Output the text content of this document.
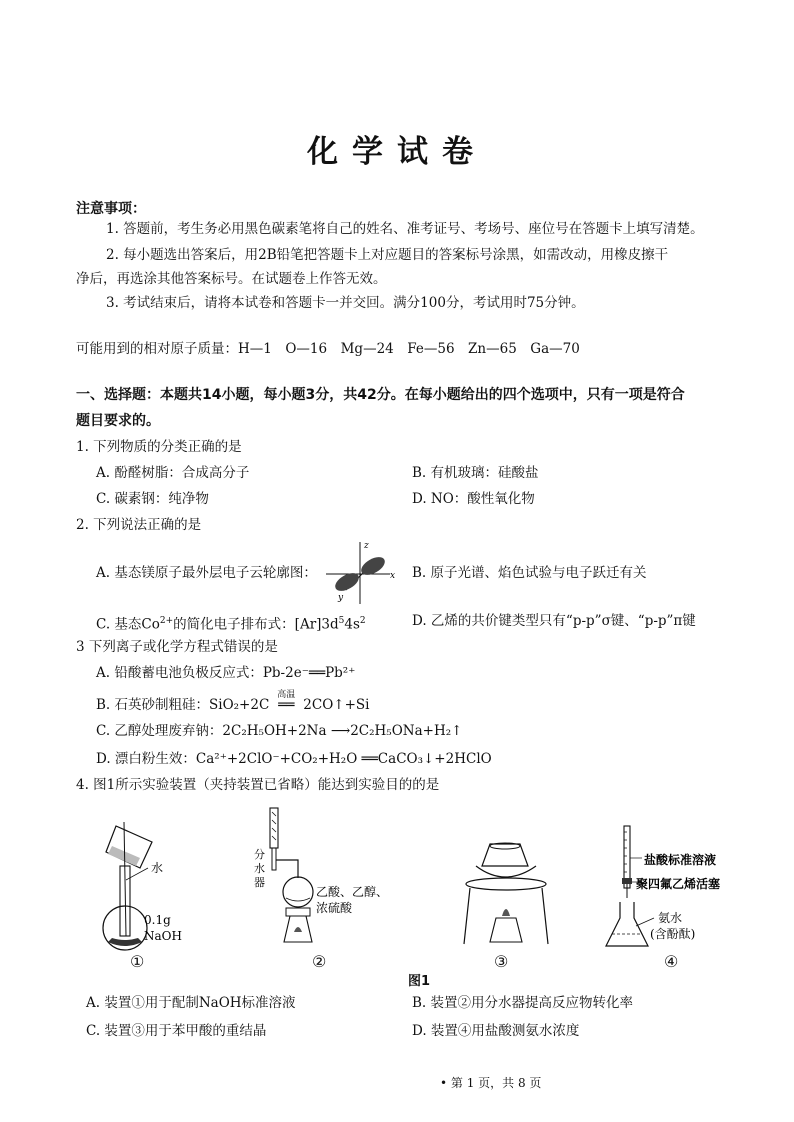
化学试卷
注意事项：
1. 答题前，考生务必用黑色碳素笔将自己的姓名、准考证号、考场号、座位号在答题卡上填写清楚。
2. 每小题选出答案后，用2B铅笔把答题卡上对应题目的答案标号涂黑，如需改动，用橡皮擦干
净后，再选涂其他答案标号。在试题卷上作答无效。
3. 考试结束后，请将本试卷和答题卡一并交回。满分100分，考试用时75分钟。
可能用到的相对原子质量：H—1　O—16　Mg—24　Fe—56　Zn—65　Ga—70
一、选择题：本题共14小题，每小题3分，共42分。在每小题给出的四个选项中，只有一项是符合
题目要求的。
1. 下列物质的分类正确的是
A. 酚醛树脂：合成高分子	B. 有机玻璃：硅酸盐
C. 碳素钢：纯净物	D. NO：酸性氧化物
2. 下列说法正确的是
A. 基态镁原子最外层电子云轮廓图：
z
x
y
B. 原子光谱、焰色试验与电子跃迁有关
C. 基态$Co^{2+}$的简化电子排布式：$[Ar]3d^54s^2$	D. 乙烯的共价键类型只有“p-p”σ键、“p-p”π键
3 下列离子或化学方程式错误的是
A. 铅酸蓄电池负极反应式：Pb-2e⁻══Pb²⁺
B. 石英砂制粗硅：SiO₂+2C
高温
══ 2CO↑+Si
C. 乙醇处理废弃钠：2C₂H₅OH+2Na ⟶2C₂H₅ONa+H₂↑
D. 漂白粉生效：Ca²⁺+2ClO⁻+CO₂+H₂O ══CaCO₃↓+2HClO
4. 图1所示实验装置（夹持装置已省略）能达到实验目的的是
水
0.1g
NaOH
分
水
器
乙酸、乙醇、
浓硫酸
盐酸标准溶液
聚四氟乙烯活塞
氨水
(含酚酞)
①	②	③	④
图1
A. 装置①用于配制NaOH标准溶液	B. 装置②用分水器提高反应物转化率
C. 装置③用于苯甲酸的重结晶	D. 装置④用盐酸测氨水浓度
• 第 1 页，共 8 页
